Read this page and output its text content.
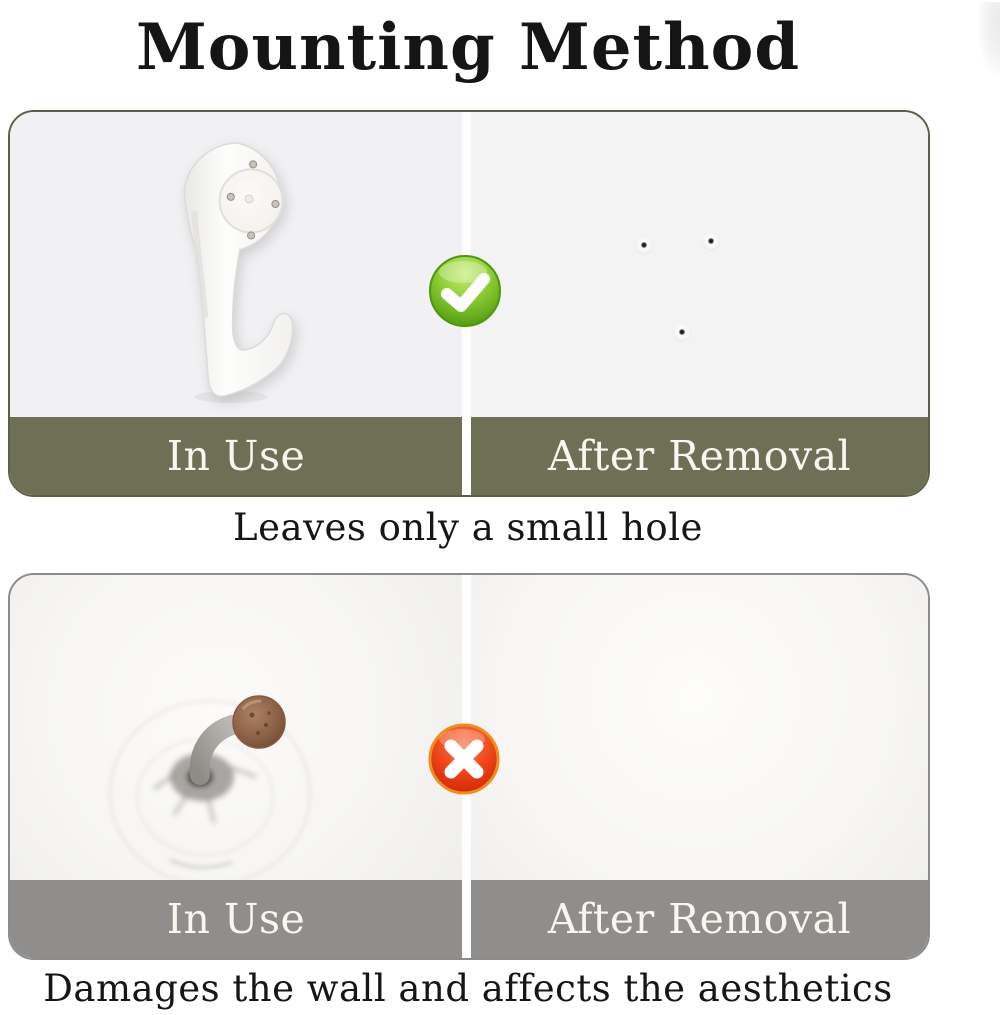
Mounting Method
In Use	After Removal

Leaves only a small hole

In Use	After Removal

Damages the wall and affects the aesthetics
